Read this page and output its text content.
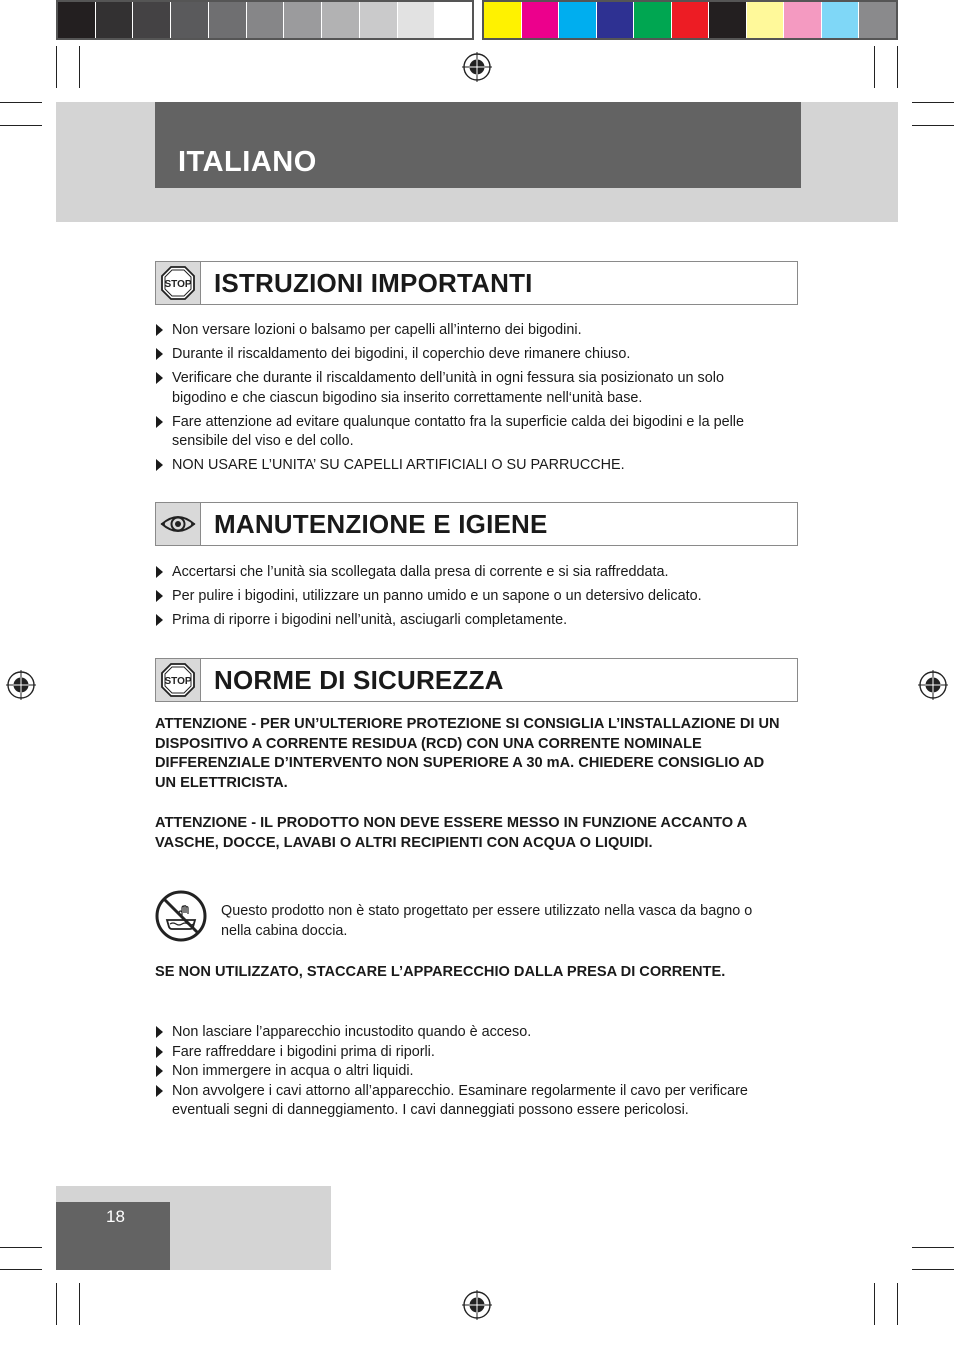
ITALIANO
ISTRUZIONI IMPORTANTI
STOP
Non versare lozioni o balsamo per capelli all’interno dei bigodini.
Durante il riscaldamento dei bigodini, il coperchio deve rimanere chiuso.
Verificare che durante il riscaldamento dell’unità in ogni fessura sia posizionato un solo bigodino e che ciascun bigodino sia inserito correttamente nell‘unità base.
Fare attenzione ad evitare qualunque contatto fra la superficie calda dei bigodini e la pelle sensibile del viso e del collo.
NON USARE L’UNITA’ SU CAPELLI ARTIFICIALI O SU PARRUCCHE.
MANUTENZIONE E IGIENE
Accertarsi che l’unità sia scollegata dalla presa di corrente e si sia raffreddata.
Per pulire i bigodini, utilizzare un panno umido e un sapone o un detersivo delicato.
Prima di riporre i bigodini nell’unità, asciugarli completamente.
NORME DI SICUREZZA
STOP

ATTENZIONE - PER UN’ULTERIORE PROTEZIONE SI CONSIGLIA L’INSTALLAZIONE DI UN DISPOSITIVO A CORRENTE RESIDUA (RCD) CON UNA CORRENTE NOMINALE DIFFERENZIALE D’INTERVENTO NON SUPERIORE A 30 mA. CHIEDERE CONSIGLIO AD UN ELETTRICISTA.

ATTENZIONE - IL PRODOTTO NON DEVE ESSERE MESSO IN FUNZIONE ACCANTO A VASCHE, DOCCE, LAVABI O ALTRI RECIPIENTI CON ACQUA O LIQUIDI.

Questo prodotto non è stato progettato per essere utilizzato nella vasca da bagno o nella cabina doccia.

SE NON UTILIZZATO, STACCARE L’APPARECCHIO DALLA PRESA DI CORRENTE.

Non lasciare l’apparecchio incustodito quando è acceso.
Fare raffreddare i bigodini prima di riporli.
Non immergere in acqua o altri liquidi.
Non avvolgere i cavi attorno all’apparecchio. Esaminare regolarmente il cavo per verificare eventuali segni di danneggiamento. I cavi danneggiati possono essere pericolosi.
18
